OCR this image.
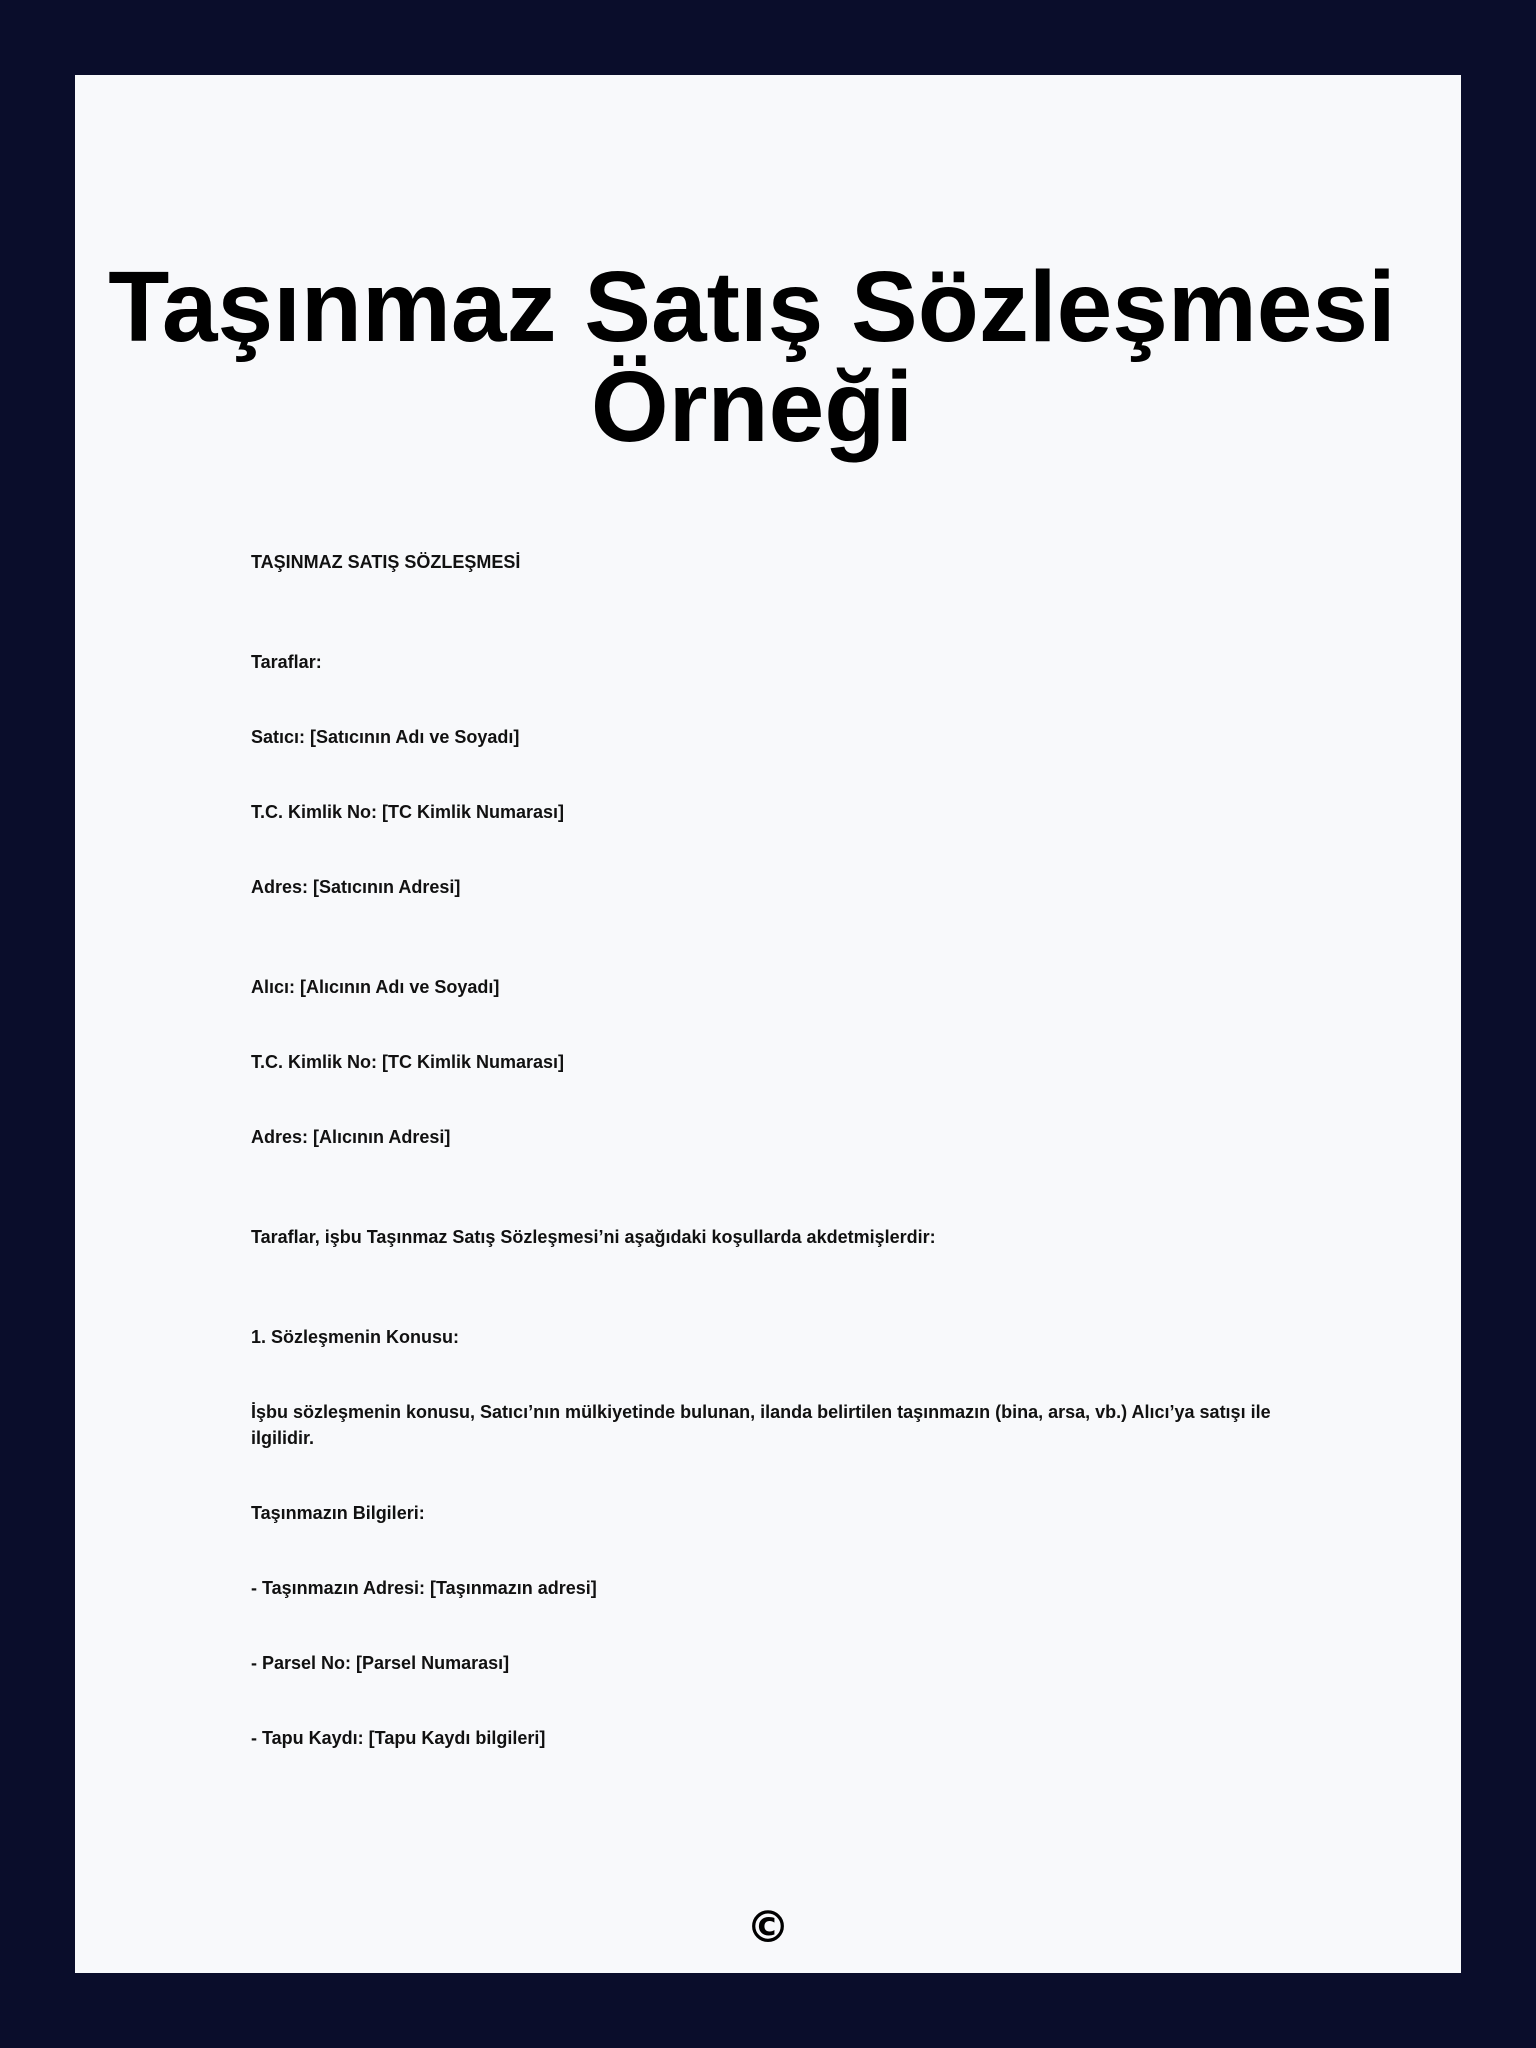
Taşınmaz Satış Sözleşmesi Örneği

TAŞINMAZ SATIŞ SÖZLEŞMESİ

Taraflar:

Satıcı: [Satıcının Adı ve Soyadı]

T.C. Kimlik No: [TC Kimlik Numarası]

Adres: [Satıcının Adresi]

Alıcı: [Alıcının Adı ve Soyadı]

T.C. Kimlik No: [TC Kimlik Numarası]

Adres: [Alıcının Adresi]

Taraflar, işbu Taşınmaz Satış Sözleşmesi’ni aşağıdaki koşullarda akdetmişlerdir:

1. Sözleşmenin Konusu:

İşbu sözleşmenin konusu, Satıcı’nın mülkiyetinde bulunan, ilanda belirtilen taşınmazın (bina, arsa, vb.) Alıcı’ya satışı ile ilgilidir.

Taşınmazın Bilgileri:

- Taşınmazın Adresi: [Taşınmazın adresi]

- Parsel No: [Parsel Numarası]

- Tapu Kaydı: [Tapu Kaydı bilgileri]

©
